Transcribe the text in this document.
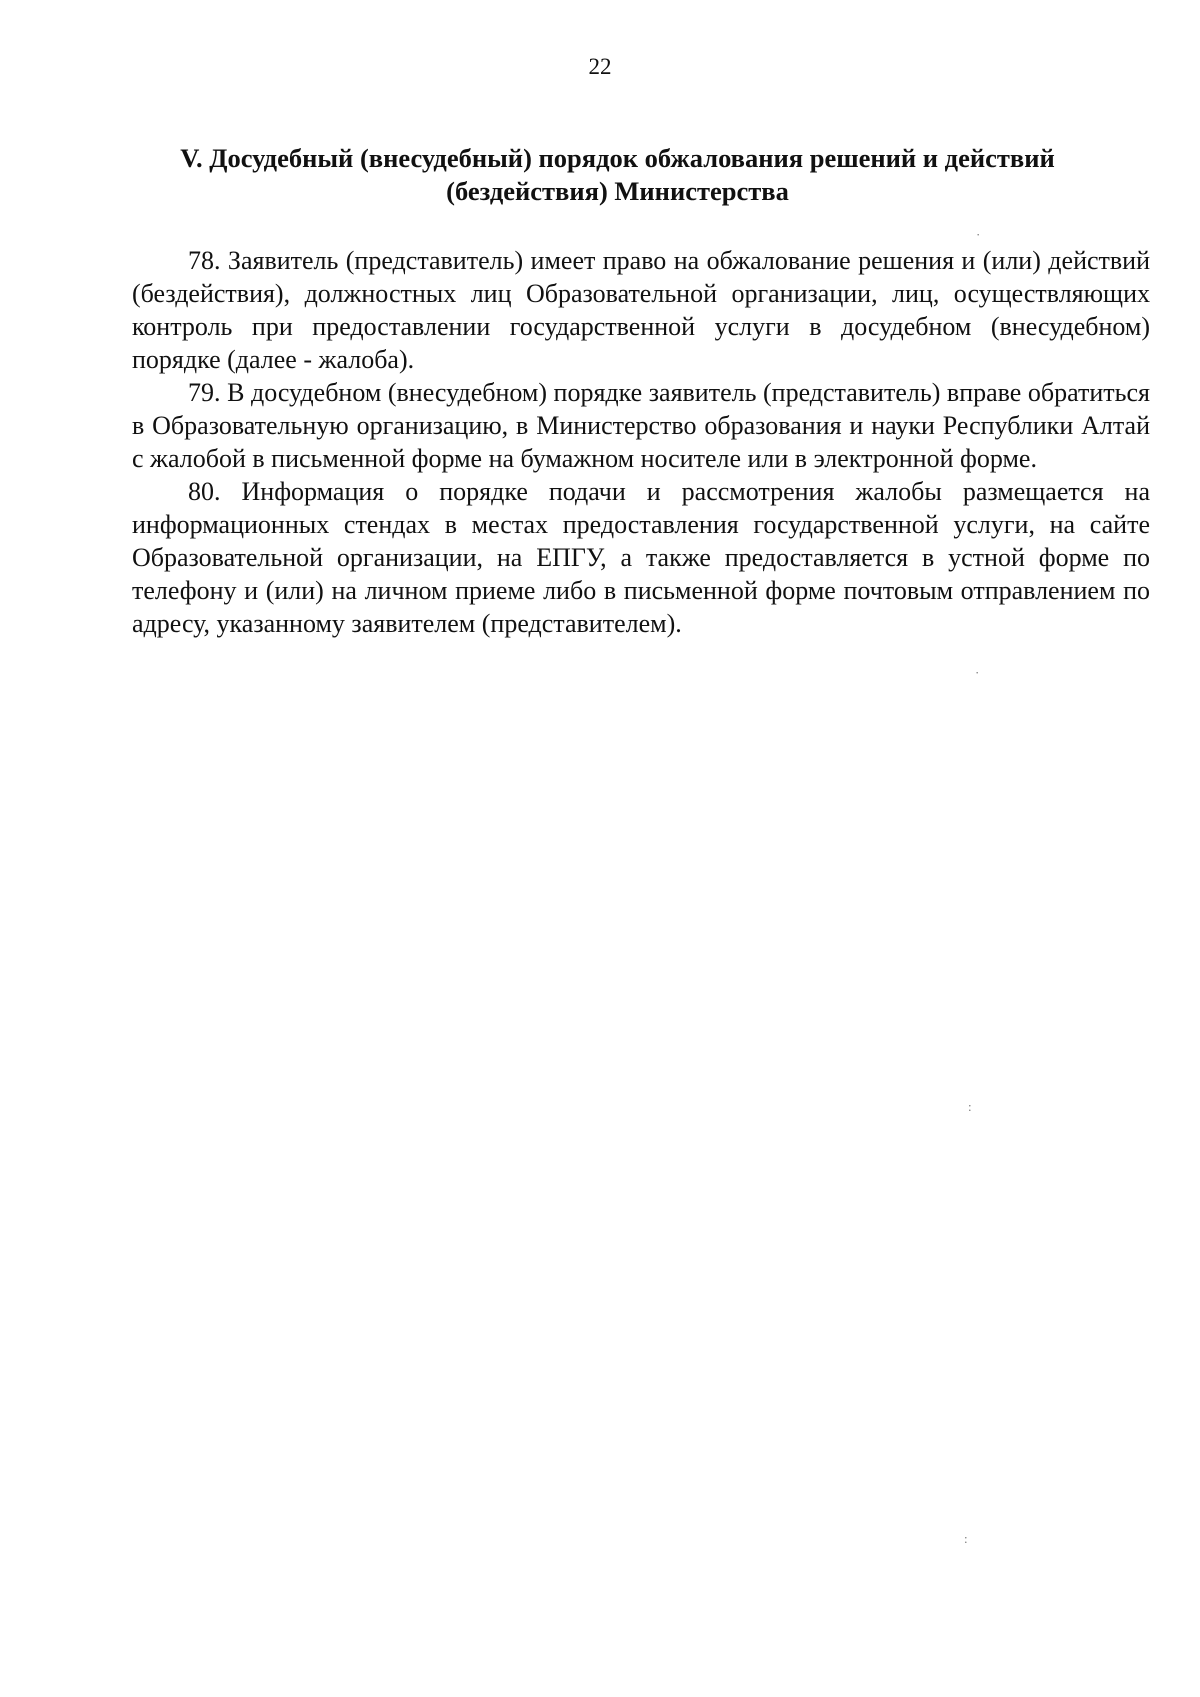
22
V. Досудебный (внесудебный) порядок обжалования решений и действий
(бездействия) Министерства

78. Заявитель (представитель) имеет право на обжалование решения и (или) действий (бездействия), должностных лиц Образовательной организации, лиц, осуществляющих контроль при предоставлении государственной услуги в досудебном (внесудебном) порядке (далее - жалоба).

79. В досудебном (внесудебном) порядке заявитель (представитель) вправе обратиться в Образовательную организацию, в Министерство образования и науки Республики Алтай с жалобой в письменной форме на бумажном носителе или в электронной форме.

80. Информация о порядке подачи и рассмотрения жалобы размещается на информационных стендах в местах предоставления государственной услуги, на сайте Образовательной организации, на ЕПГУ, а также предоставляется в устной форме по телефону и (или) на личном приеме либо в письменной форме почтовым отправлением по адресу, указанному заявителем (представителем).

·
·
:
:
